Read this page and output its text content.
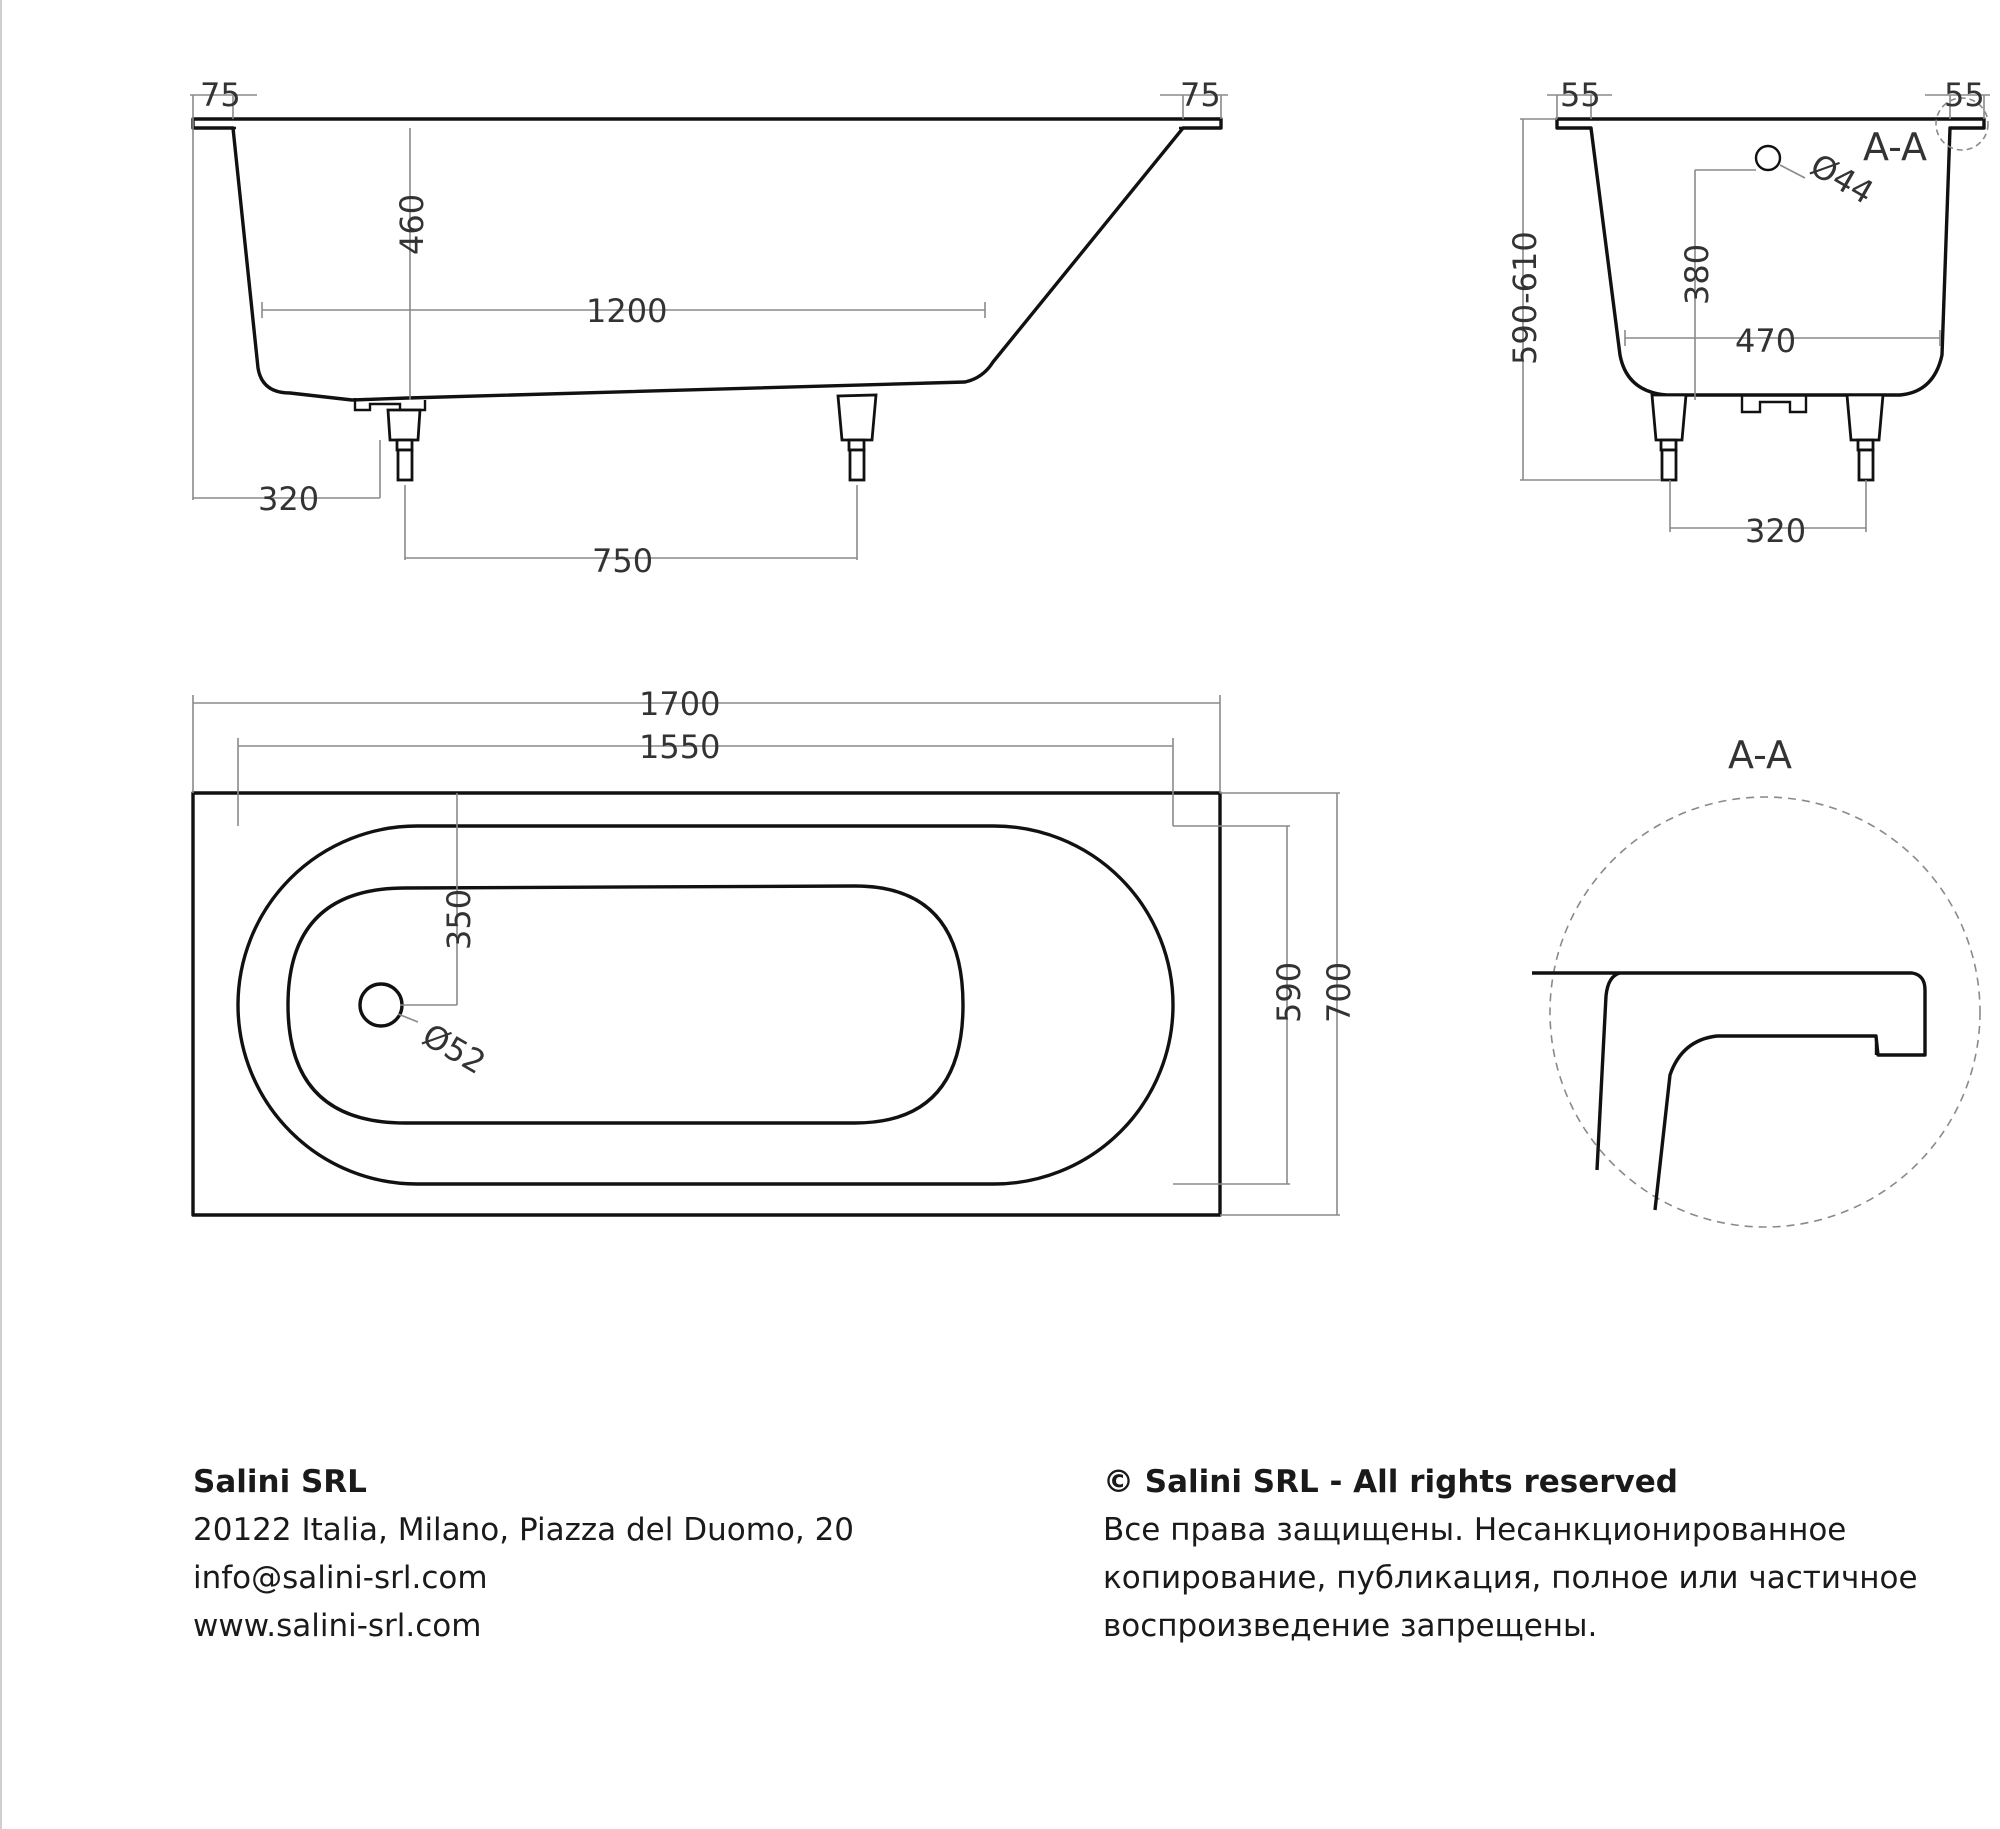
75	75
460
1200
320
750
55	55
A-A
Ø44
380
590-610	470
320
1700
1550
350
Ø52
590 700
A-A
Salini SRL
20122 Italia, Milano, Piazza del Duomo, 20
info@salini-srl.com
www.salini-srl.com
© Salini SRL - All rights reserved
Все права защищены. Несанкционированное
копирование, публикация, полное или частичное
воспроизведение запрещены.
